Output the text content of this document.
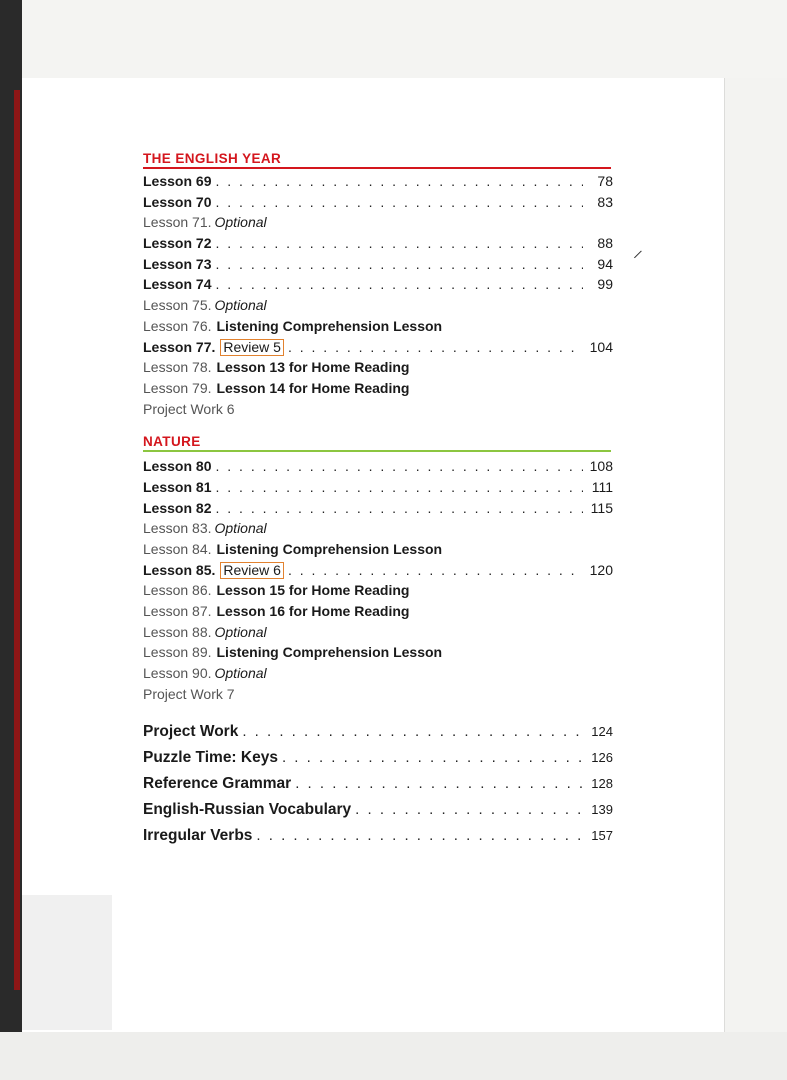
THE ENGLISH YEAR
Lesson 69 . . .	78
Lesson 70 . . .	83
Lesson 71. Optional
Lesson 72 . . .	88
Lesson 73 . . .	94
Lesson 74 . . .	99
Lesson 75. Optional
Lesson 76. Listening Comprehension Lesson
Lesson 77. Review 5 . . .	104
Lesson 78. Lesson 13 for Home Reading
Lesson 79. Lesson 14 for Home Reading
Project Work 6
NATURE
Lesson 80 . . .	108
Lesson 81 . . .	111
Lesson 82 . . .	115
Lesson 83. Optional
Lesson 84. Listening Comprehension Lesson
Lesson 85. Review 6 . . .	120
Lesson 86. Lesson 15 for Home Reading
Lesson 87. Lesson 16 for Home Reading
Lesson 88. Optional
Lesson 89. Listening Comprehension Lesson
Lesson 90. Optional
Project Work 7
Project Work . . .	124
Puzzle Time: Keys . . .	126
Reference Grammar . . .	128
English-Russian Vocabulary . . .	139
Irregular Verbs . . .	157
/
